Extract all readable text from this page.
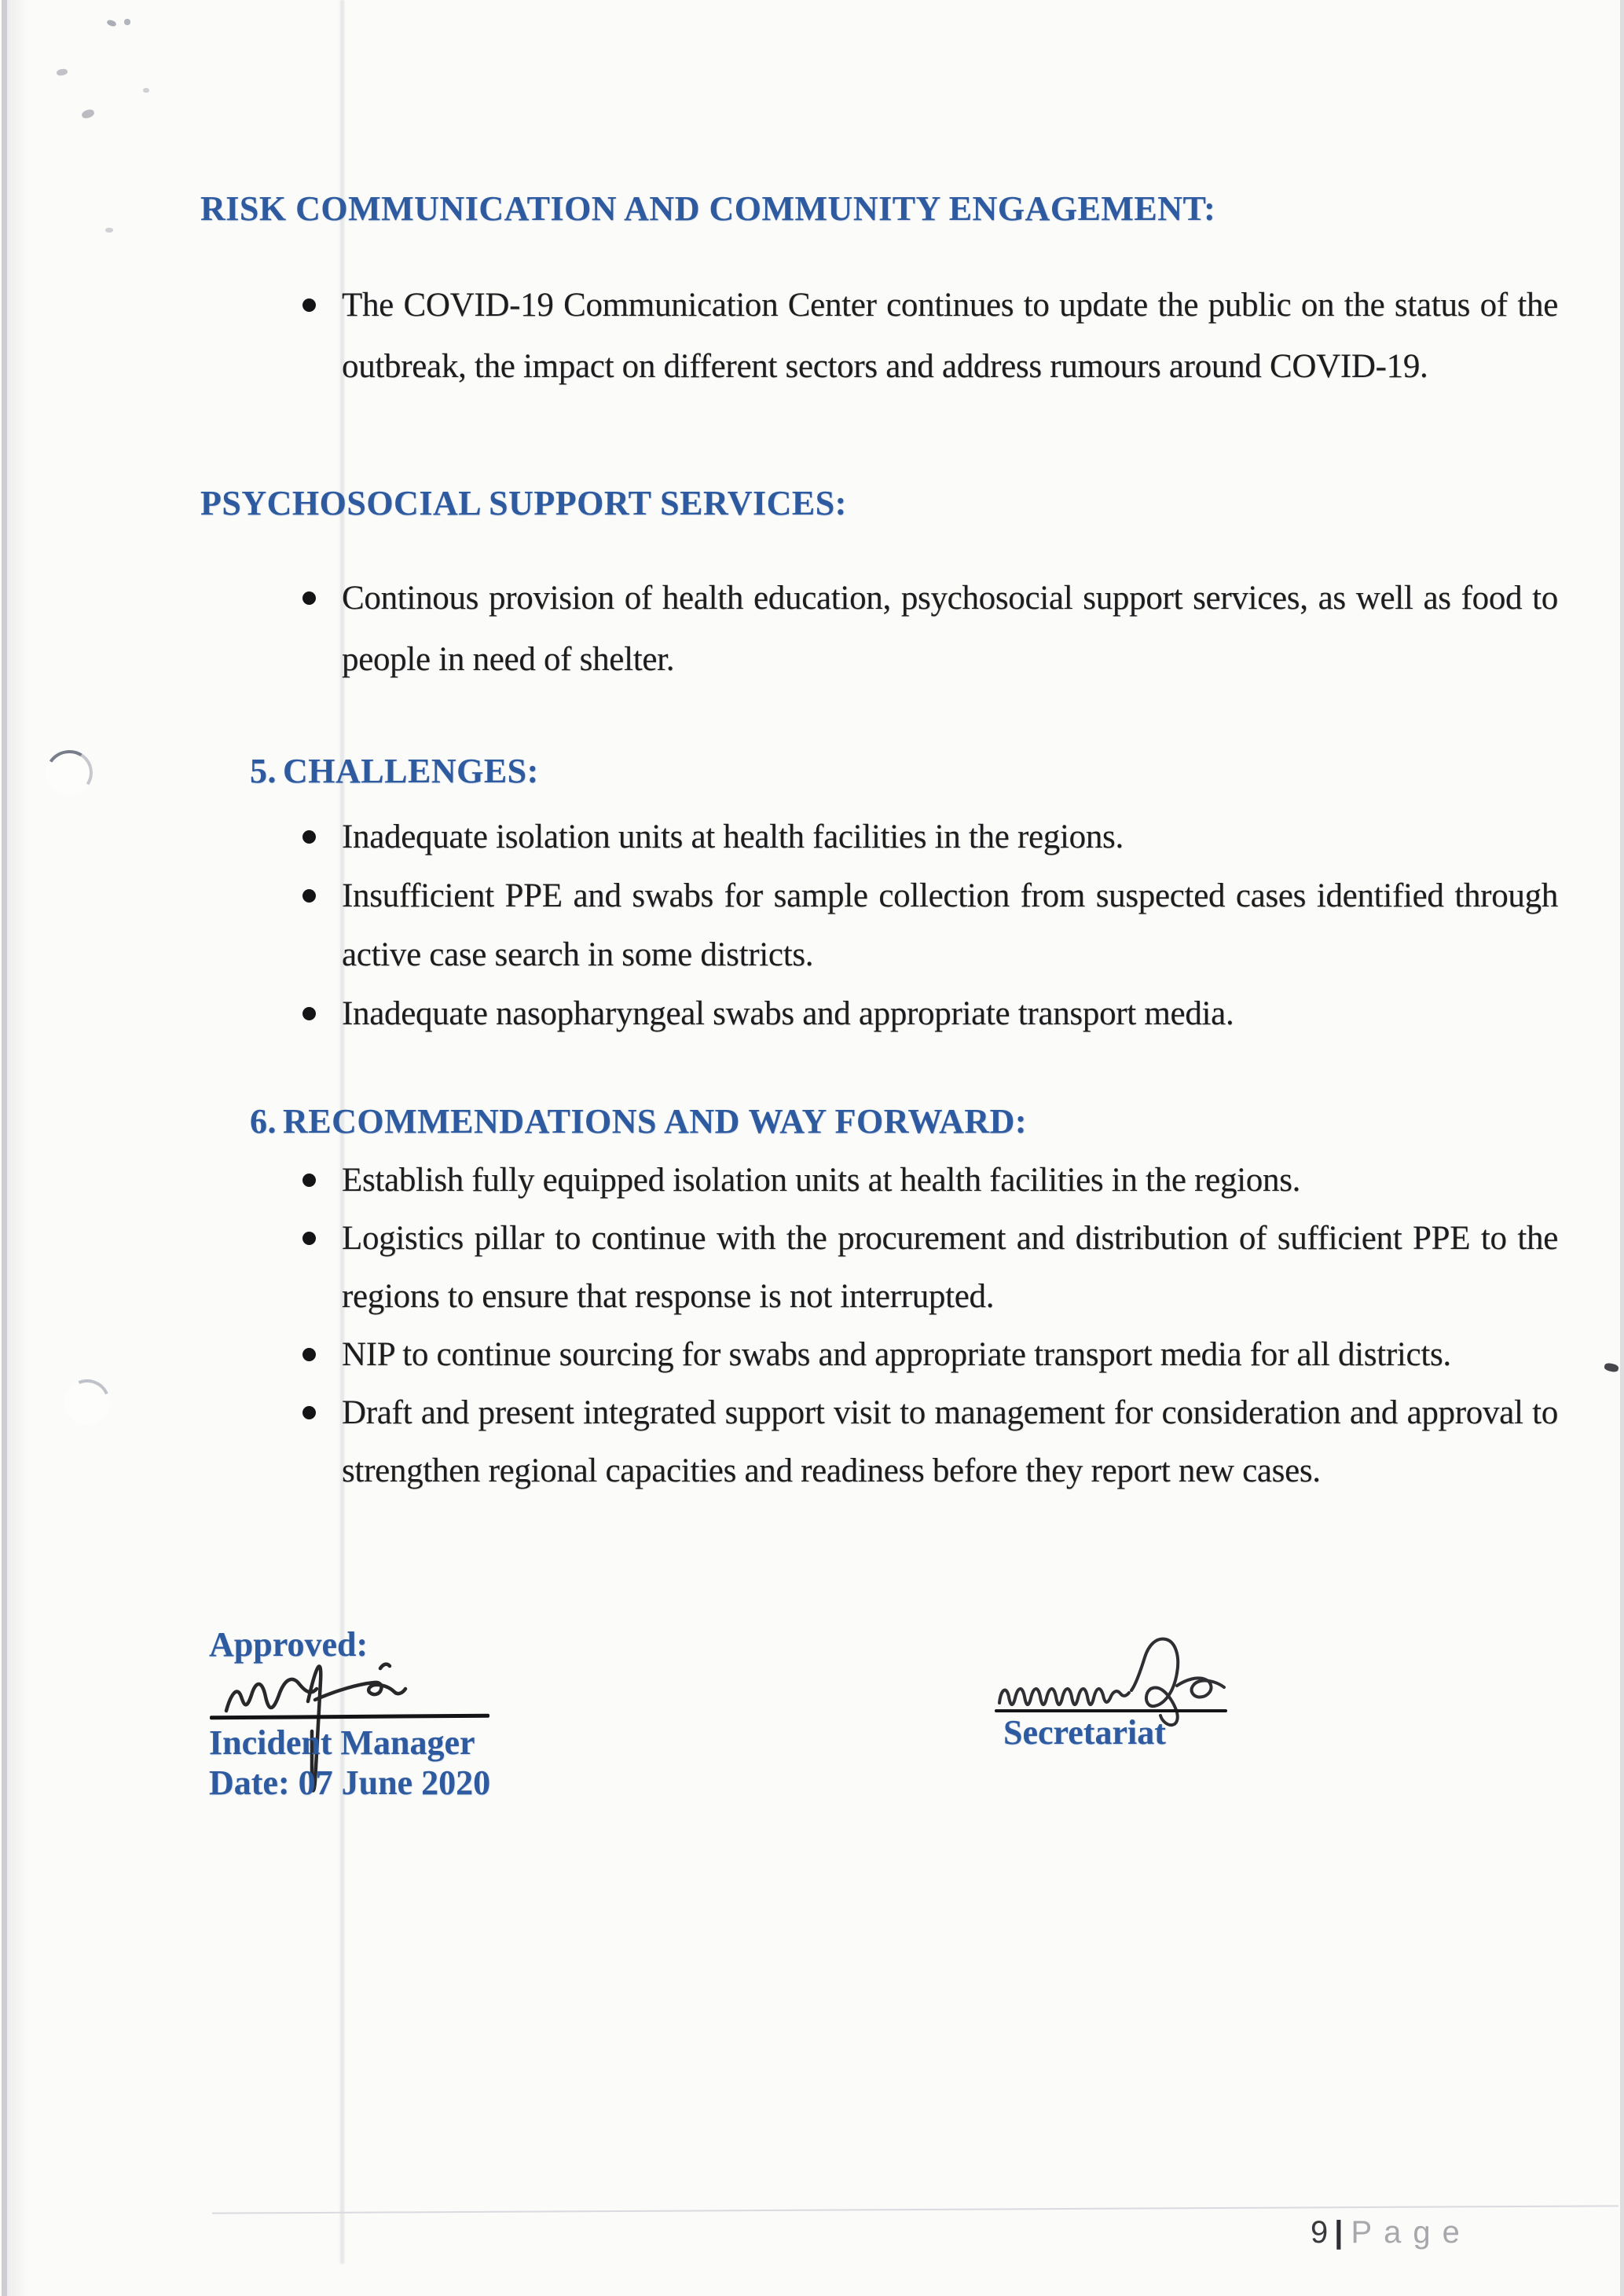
RISK COMMUNICATION AND COMMUNITY ENGAGEMENT:
The COVID-19 Communication Center continues to update the public on the status of the outbreak, the impact on different sectors and address rumours around COVID-19.
PSYCHOSOCIAL SUPPORT SERVICES:
Continous provision of health education, psychosocial support services, as well as food to people in need of shelter.
5. CHALLENGES:
Inadequate isolation units at health facilities in the regions.
Insufficient PPE and swabs for sample collection from suspected cases identified through active case search in some districts.
Inadequate nasopharyngeal swabs and appropriate transport media.
6. RECOMMENDATIONS AND WAY FORWARD:
Establish fully equipped isolation units at health facilities in the regions.
Logistics pillar to continue with the procurement and distribution of sufficient PPE to the regions to ensure that response is not interrupted.
NIP to continue sourcing for swabs and appropriate transport media for all districts.
Draft and present integrated support visit to management for consideration and approval to strengthen regional capacities and readiness before they report new cases.
Approved:
Incident Manager
Date: 07 June 2020
Secretariat
9 | Page
